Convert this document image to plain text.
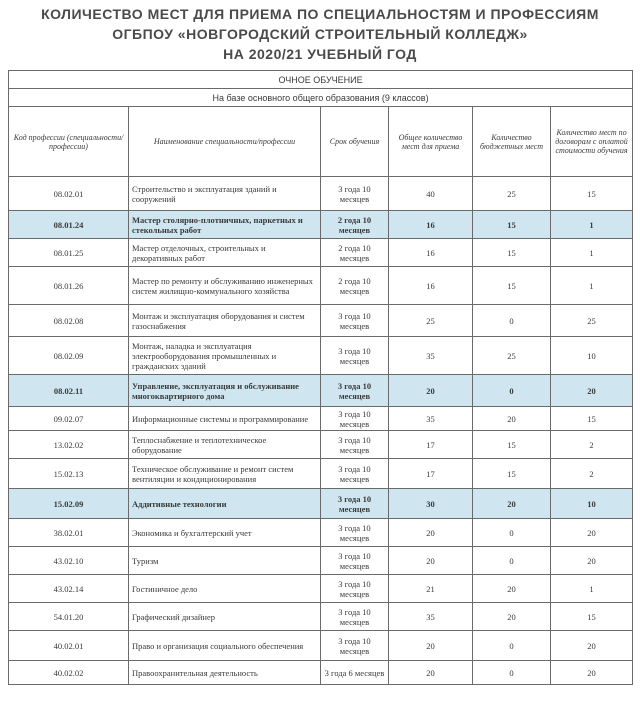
КОЛИЧЕСТВО МЕСТ ДЛЯ ПРИЕМА ПО СПЕЦИАЛЬНОСТЯМ И ПРОФЕССИЯМ
ОГБПОУ «НОВГОРОДСКИЙ СТРОИТЕЛЬНЫЙ КОЛЛЕДЖ»
НА 2020/21 УЧЕБНЫЙ ГОД
ОЧНОЕ ОБУЧЕНИЕ					
На базе основного общего образования (9 классов)					
Код профессии (специальности/профессии)	Наименование специальности/профессии	Срок обучения	Общее количество мест для приема	Количество бюджетных мест	Количество мест по договорам с оплатой стоимости обучения
08.02.01	Строительство и эксплуатация зданий и сооружений	3 года 10 месяцев	40	25	15
08.01.24	Мастер столярно-плотничных, паркетных и стекольных работ	2 года 10 месяцев	16	15	1
08.01.25	Мастер отделочных, строительных и декоративных работ	2 года 10 месяцев	16	15	1
08.01.26	Мастер по ремонту и обслуживанию инженерных систем жилищно-коммунального хозяйства	2 года 10 месяцев	16	15	1
08.02.08	Монтаж и эксплуатация оборудования и систем газоснабжения	3 года 10 месяцев	25	0	25
08.02.09	Монтаж, наладка и эксплуатация электрооборудования промышленных и гражданских зданий	3 года 10 месяцев	35	25	10
08.02.11	Управление, эксплуатация и обслуживание многоквартирного дома	3 года 10 месяцев	20	0	20
09.02.07	Информационные системы и программирование	3 года 10 месяцев	35	20	15
13.02.02	Теплоснабжение и теплотехническое оборудование	3 года 10 месяцев	17	15	2
15.02.13	Техническое обслуживание и ремонт систем вентиляции и кондиционирования	3 года 10 месяцев	17	15	2
15.02.09	Аддитивные технологии	3 года 10 месяцев	30	20	10
38.02.01	Экономика и бухгалтерский учет	3 года 10 месяцев	20	0	20
43.02.10	Туризм	3 года 10 месяцев	20	0	20
43.02.14	Гостиничное дело	3 года 10 месяцев	21	20	1
54.01.20	Графический дизайнер	3 года 10 месяцев	35	20	15
40.02.01	Право и организация социального обеспечения	3 года 10 месяцев	20	0	20
40.02.02	Правоохранительная деятельность	3 года 6 месяцев	20	0	20
